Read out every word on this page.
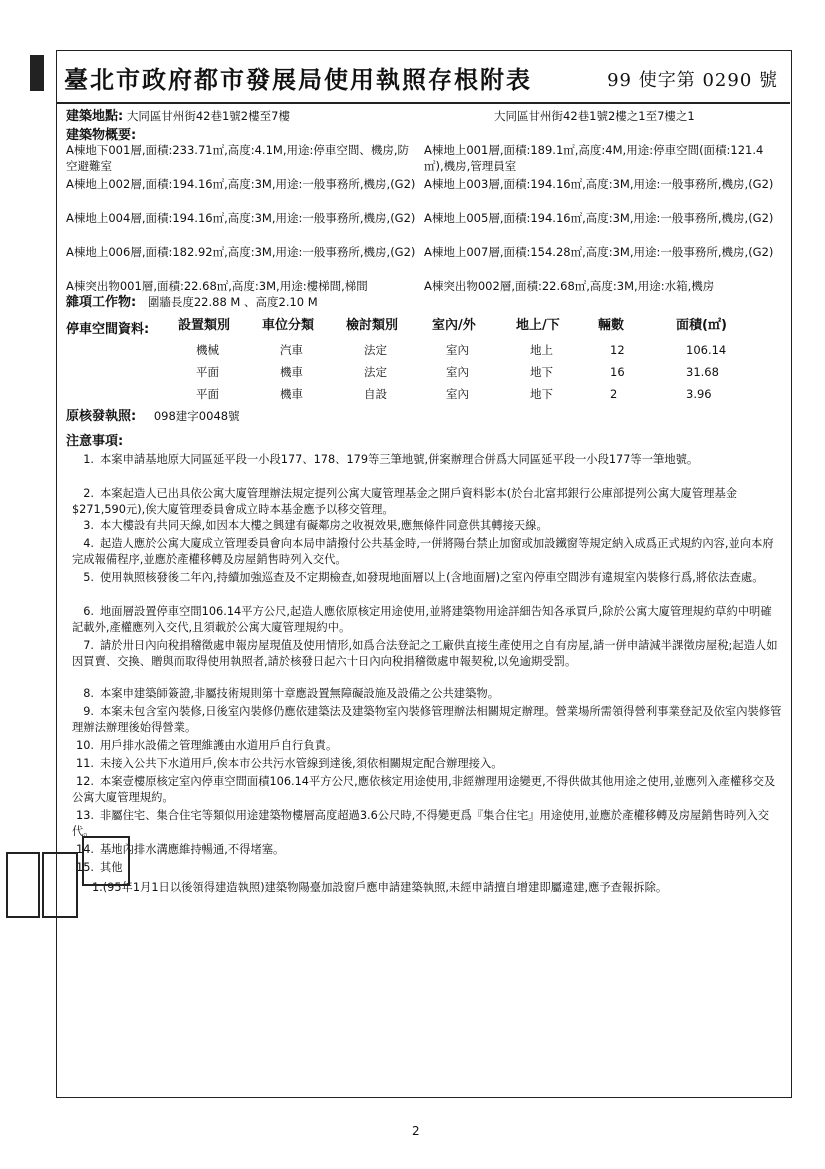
臺北市政府都市發展局使用執照存根附表	99 使字第 0290 號
建築地點: 大同區甘州街42巷1號2樓至7樓	大同區甘州街42巷1號2樓之1至7樓之1
建築物概要:
A棟地下001層,面積:233.71㎡,高度:4.1M,用途:停車空間、機房,防空避難室
A棟地上001層,面積:189.1㎡,高度:4M,用途:停車空間(面積:121.4㎡),機房,管理員室
A棟地上002層,面積:194.16㎡,高度:3M,用途:一般事務所,機房,(G2) A棟地上003層,面積:194.16㎡,高度:3M,用途:一般事務所,機房,(G2)
A棟地上004層,面積:194.16㎡,高度:3M,用途:一般事務所,機房,(G2) A棟地上005層,面積:194.16㎡,高度:3M,用途:一般事務所,機房,(G2)
A棟地上006層,面積:182.92㎡,高度:3M,用途:一般事務所,機房,(G2) A棟地上007層,面積:154.28㎡,高度:3M,用途:一般事務所,機房,(G2)
A棟突出物001層,面積:22.68㎡,高度:3M,用途:樓梯間,梯間	A棟突出物002層,面積:22.68㎡,高度:3M,用途:水箱,機房
雜項工作物: 圍牆長度22.88 M 、高度2.10 M
停車空間資料: 設置類別 車位分類 檢討類別	室內/外	地上/下	輛數	面積(㎡)
機械	汽車	法定	室內	地上	12	106.14
平面	機車	法定	室內	地下	16	31.68
平面	機車	自設	室內	地下	2	3.96
原核發執照: 098建字0048號
注意事項:
1. 本案申請基地原大同區延平段一小段177、178、179等三筆地號,併案辦理合併爲大同區延平段一小段177等一筆地號。
2. 本案起造人已出具依公寓大廈管理辦法規定提列公寓大廈管理基金之開戶資料影本(於台北富邦銀行公庫部提列公寓大廈管理基金$271,590元),俟大廈管理委員會成立時本基金應予以移交管理。
3. 本大樓設有共同天線,如因本大樓之興建有礙鄰房之收視效果,應無條件同意供其轉接天線。
4. 起造人應於公寓大廈成立管理委員會向本局申請撥付公共基金時,一併將陽台禁止加窗或加設鐵窗等規定納入成爲正式規約內容,並向本府完成報備程序,並應於產權移轉及房屋銷售時列入交代。
5. 使用執照核發後二年內,持續加強巡查及不定期檢查,如發現地面層以上(含地面層)之室內停車空間涉有違規室內裝修行爲,將依法查處。
6. 地面層設置停車空間106.14平方公尺,起造人應依原核定用途使用,並將建築物用途詳細告知各承買戶,除於公寓大廈管理規約草約中明確記載外,產權應列入交代,且須載於公寓大廈管理規約中。
7. 請於卅日內向稅捐稽徵處申報房屋現值及使用情形,如爲合法登記之工廠供直接生產使用之自有房屋,請一併申請減半課徵房屋稅;起造人如因買賣、交換、贈與而取得使用執照者,請於核發日起六十日內向稅捐稽徵處申報契稅,以免逾期受罰。
8. 本案申建築師簽證,非屬技術規則第十章應設置無障礙設施及設備之公共建築物。
9. 本案未包含室內裝修,日後室內裝修仍應依建築法及建築物室內裝修管理辦法相關規定辦理。營業場所需領得營利事業登記及依室內裝修管理辦法辦理後始得營業。
10. 用戶排水設備之管理維護由水道用戶自行負責。
11. 未接入公共下水道用戶,俟本市公共污水管線到達後,須依相關規定配合辦理接入。
12. 本案壹樓原核定室內停車空間面積106.14平方公尺,應依核定用途使用,非經辦理用途變更,不得供做其他用途之使用,並應列入產權移交及公寓大廈管理規約。
13. 非屬住宅、集合住宅等類似用途建築物樓層高度超過3.6公尺時,不得變更爲『集合住宅』用途使用,並應於產權移轉及房屋銷售時列入交代。
14. 基地內排水溝應維持暢通,不得堵塞。
15. 其他
1.(95年1月1日以後領得建造執照)建築物陽臺加設窗戶應申請建築執照,未經申請擅自增建即屬違建,應予查報拆除。
2
